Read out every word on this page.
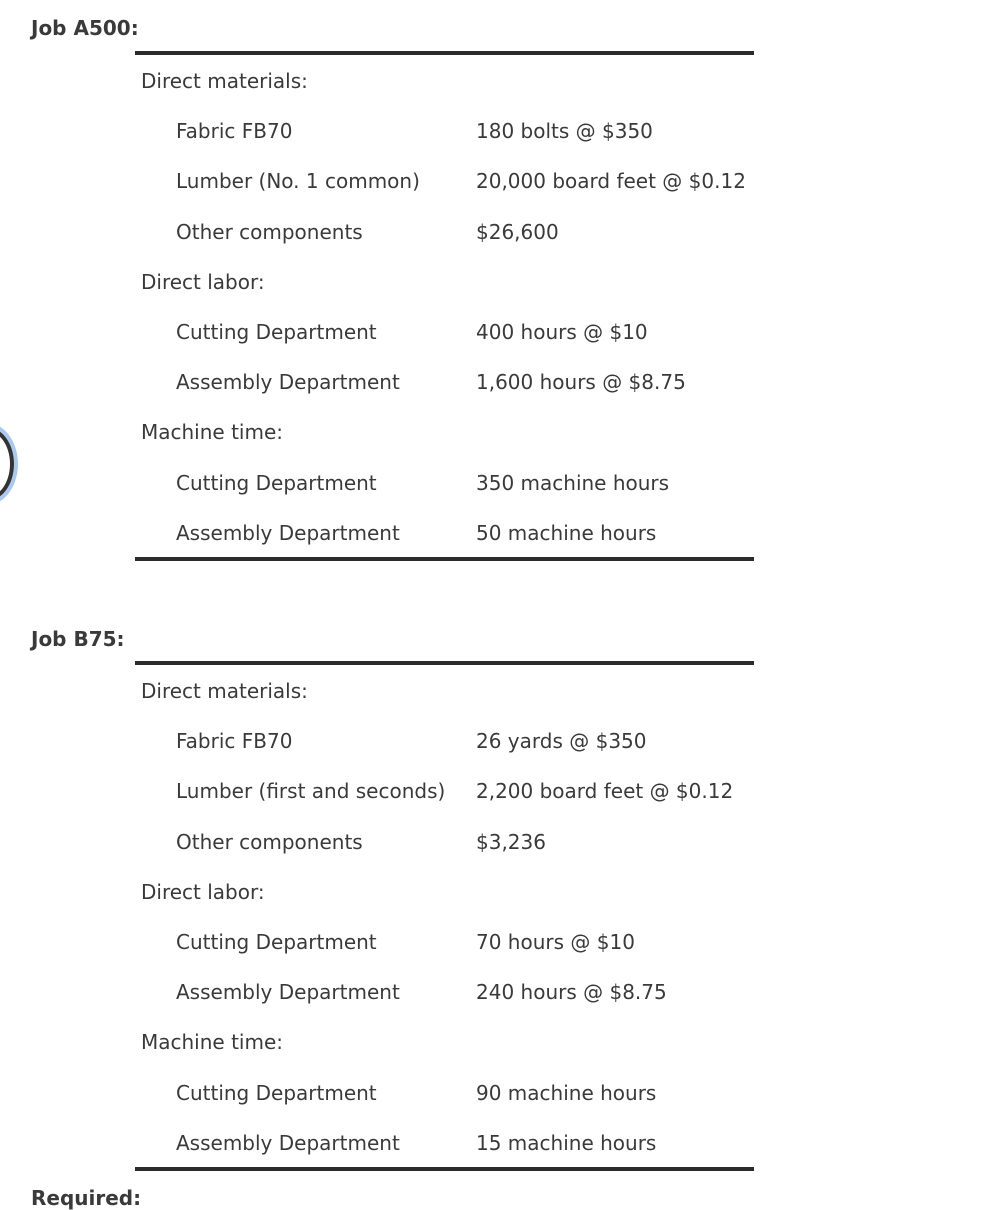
Job A500:
Direct materials:
Fabric FB70	180 bolts @ $350
Lumber (No. 1 common)	20,000 board feet @ $0.12
Other components	$26,600
Direct labor:
Cutting Department	400 hours @ $10
Assembly Department	1,600 hours @ $8.75
Machine time:
Cutting Department	350 machine hours
Assembly Department	50 machine hours
Job B75:
Direct materials:
Fabric FB70	26 yards @ $350
Lumber (first and seconds) 2,200 board feet @ $0.12
Other components	$3,236
Direct labor:
Cutting Department	70 hours @ $10
Assembly Department	240 hours @ $8.75
Machine time:
Cutting Department	90 machine hours
Assembly Department	15 machine hours
Required:
